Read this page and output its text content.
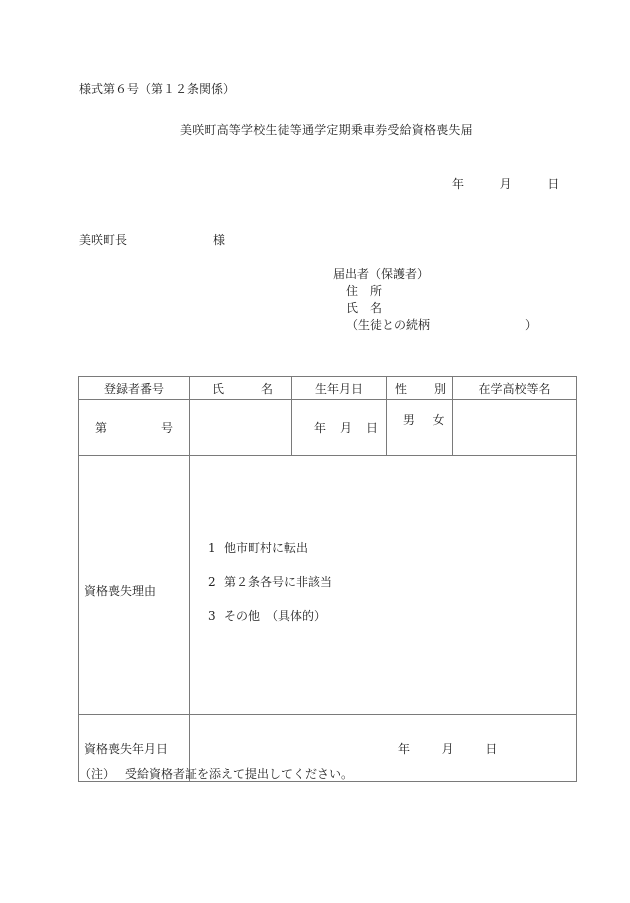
様式第６号（第１２条関係）
美咲町高等学校生徒等通学定期乗車券受給資格喪失届
年	月	日
美咲町長	様
届出者（保護者）
住　所
氏　名
（生徒との続柄	）
登録者番号	氏 名	生年月日	性 別	在学高校等名

第 号		年 月 日	男 女	
資格喪失理由	1 他市町村に転出
2 第２条各号に非該当
3 その他　（具体的）			

資格喪失年月日	年 月 日			
（注） 受給資格者証を添えて提出してください。
